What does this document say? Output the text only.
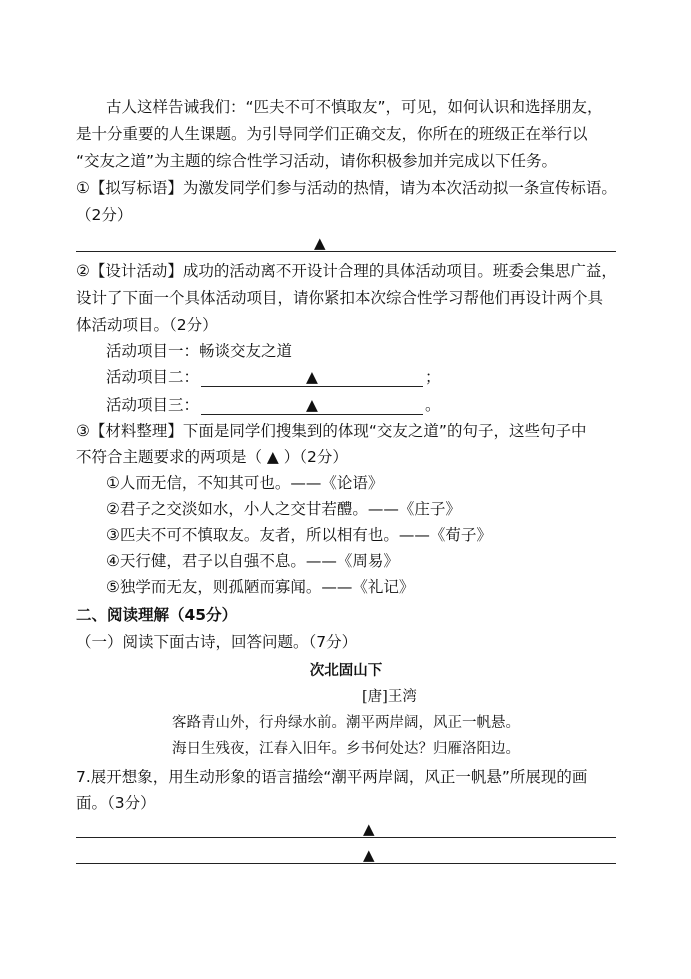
古人这样告诫我们：“匹夫不可不慎取友”，可见，如何认识和选择朋友，
是十分重要的人生课题。为引导同学们正确交友，你所在的班级正在举行以
“交友之道”为主题的综合性学习活动，请你积极参加并完成以下任务。
①【拟写标语】为激发同学们参与活动的热情，请为本次活动拟一条宣传标语。
（2分）
▲
②【设计活动】成功的活动离不开设计合理的具体活动项目。班委会集思广益，
设计了下面一个具体活动项目，请你紧扣本次综合性学习帮他们再设计两个具
体活动项目。（2分）
活动项目一：畅谈交友之道
活动项目二：	▲	；
活动项目三：	▲	。
③【材料整理】下面是同学们搜集到的体现“交友之道”的句子，这些句子中
不符合主题要求的两项是（ ▲ ）（2分）
①人而无信，不知其可也。——《论语》
②君子之交淡如水，小人之交甘若醴。——《庄子》
③匹夫不可不慎取友。友者，所以相有也。——《荀子》
④天行健，君子以自强不息。——《周易》
⑤独学而无友，则孤陋而寡闻。——《礼记》
二、阅读理解（45分）
（一）阅读下面古诗，回答问题。（7分）
次北固山下
[唐]王湾
客路青山外，行舟绿水前。潮平两岸阔，风正一帆悬。
海日生残夜，江春入旧年。乡书何处达？归雁洛阳边。
7.展开想象，用生动形象的语言描绘“潮平两岸阔，风正一帆悬”所展现的画
面。（3分）
▲
▲
